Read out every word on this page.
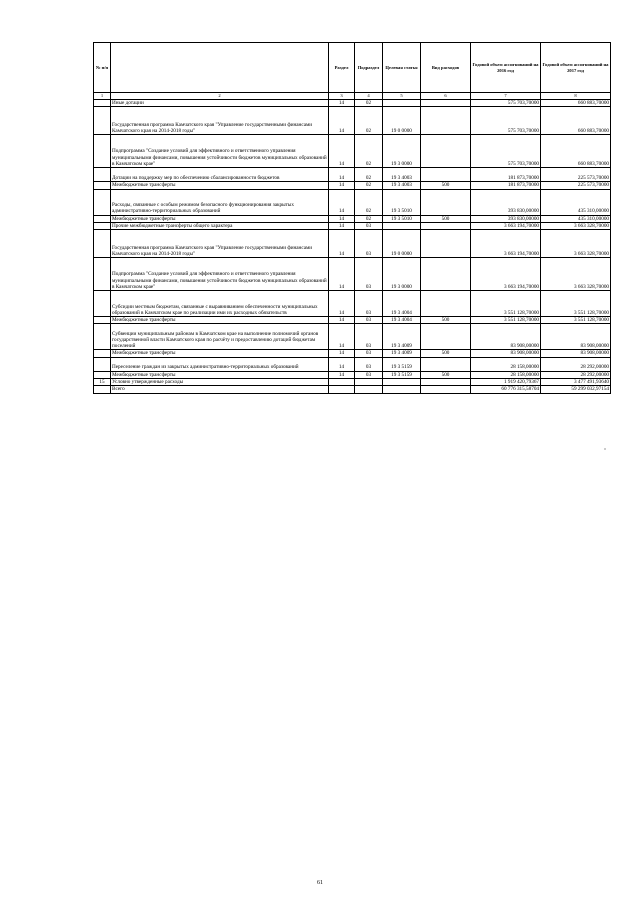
№ п/п		Раздел	Подраздел	Целевая статья	Вид расходов	Годовой объем ассигнований на 2016 год	Годовой объем ассигнований на 2017 год
1	2	3	4	5	6	7	8
	Иные дотации	14	02			575 703,70000	660 883,70000
	Государственная программа Камчатского края "Управление государственными финансами Камчатского края на 2014-2018 годы"	14	02	19 0 0000		575 703,70000	660 883,70000
	Подпрограмма "Создание условий для эффективного и ответственного управления муниципальными финансами, повышения устойчивости бюджетов муниципальных образований в Камчатском крае"	14	02	19 3 0000		575 703,70000	660 883,70000
	Дотации на поддержку мер по обеспечению сбалансированности бюджетов	14	02	19 3 4003		181 873,70000	225 573,70000
	Межбюджетные трансферты	14	02	19 3 4003	500	181 873,70000	225 573,70000
	Расходы, связанные с особым режимом безопасного функционирования закрытых административно-территориальных образований	14	02	19 3 5010		393 830,00000	435 310,00000
	Межбюджетные трансферты	14	02	19 3 5010	500	393 830,00000	435 310,00000
	Прочие межбюджетные трансферты общего характера	14	03			3 663 194,70000	3 663 328,70000
	Государственная программа Камчатского края "Управление государственными финансами Камчатского края на 2014-2018 годы"	14	03	19 0 0000		3 663 194,70000	3 663 328,70000
	Подпрограмма "Создание условий для эффективного и ответственного управления муниципальными финансами, повышения устойчивости бюджетов муниципальных образований в Камчатском крае"	14	03	19 3 0000		3 663 194,70000	3 663 328,70000
	Субсидии местным бюджетам, связанные с выравниванием обеспеченности муниципальных образований в Камчатском крае по реализации ими их расходных обязательств	14	03	19 3 4004		3 551 128,70000	3 551 128,70000
	Межбюджетные трансферты	14	03	19 3 4004	500	3 551 128,70000	3 551 128,70000
	Субвенции муниципальным районам в Камчатском крае на выполнение полномочий органов государственной власти Камчатского края по расчёту и предоставлению дотаций бюджетам поселений	14	03	19 3 4009		83 908,00000	83 908,00000
	Межбюджетные трансферты	14	03	19 3 4009	500	83 908,00000	83 908,00000
	Переселение граждан из закрытых административно-территориальных образований	14	03	19 3 5159		28 158,00000	28 292,00000
	Межбюджетные трансферты	14	03	19 3 5159	500	28 158,00000	28 292,00000
15	Условно утвержденные расходы					1 919 420,79367	3 477 491,93640
	Всего					60 776 315,58704	59 299 032,97154
"
61
